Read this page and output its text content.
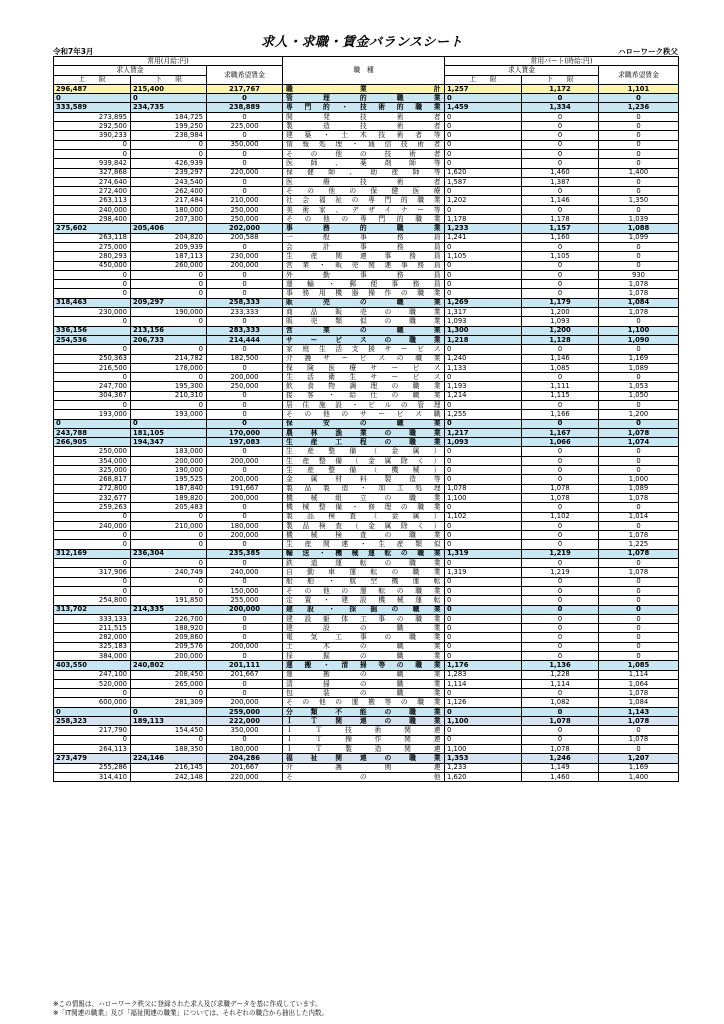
求人・求職・賃金バランスシート
令和7年3月	ハローワーク秩父
常用(月給:円)			職　種	常用パート(時給:円)		
求人賃金		求職希望賃金		求人賃金		求職希望賃金
上　　限	下　　限			上　　限	下　　限	
296,487	215,400	217,767	職業計	1,257	1,172	1,101
0	0	0	管理的職業	0	0	0
333,589	234,735	238,889	専門的・技術的職業	1,459	1,334	1,236
273,895	184,725	0	開発技術者	0	0	0
292,500	199,250	225,000	製造技術者	0	0	0
390,233	238,984	0	建築・土木技術者等	0	0	0
0	0	350,000	情報処理・通信技術者	0	0	0
0	0	0	その他の技術者	0	0	0
939,842	426,939	0	医師、薬剤師等	0	0	0
327,868	239,297	220,000	保健師、助産師等	1,620	1,460	1,400
274,640	243,540	0	医療技術者	1,587	1,387	0
272,400	262,400	0	その他の保健医療	0	0	0
263,113	217,484	210,000	社会福祉の専門的職業	1,202	1,146	1,350
240,000	180,000	250,000	美術家、デザイナー等	0	0	0
298,400	207,300	250,000	その他の専門的職業	1,178	1,178	1,039
275,602	205,406	202,000	事務的職業	1,233	1,157	1,088
263,118	204,820	200,588	一般事務員	1,241	1,160	1,099
275,000	209,939	0	会計事務員	0	0	0
280,293	187,113	230,000	生産関連事務員	1,105	1,105	0
450,000	260,000	200,000	営業・販売関連事務員	0	0	0
0	0	0	外勤事務員	0	0	930
0	0	0	運輸・郵便事務員	0	0	1,078
0	0	0	事務用機器操作の職業	0	0	1,078
318,463	209,297	258,333	販売の職業	1,269	1,179	1,084
230,000	190,000	233,333	商品販売の職業	1,317	1,200	1,078
0	0	0	販売類似の職業	1,093	1,093	0
336,156	213,156	283,333	営業の職業	1,300	1,200	1,100
254,536	206,733	214,444	サービスの職業	1,218	1,128	1,090
0	0	0	家庭生活支援サービス	0	0	0
250,363	214,782	182,500	介護サービスの職業	1,240	1,146	1,169
216,500	178,000	0	保険医療サービス	1,133	1,085	1,089
0	0	200,000	生活衛生サービス	0	0	0
247,700	195,300	250,000	飲食物調理の職業	1,193	1,111	1,053
304,367	210,310	0	接客・給仕の職業	1,214	1,115	1,050
0	0	0	居住施設・ビルの管理	0	0	0
193,000	193,000	0	その他のサービス職	1,255	1,166	1,200
0	0	0	保安の職業	0	0	0
243,788	181,105	170,000	農林漁業の職業	1,217	1,167	1,078
266,905	194,347	197,083	生産工程の職業	1,093	1,066	1,074
250,000	183,000	0	生産整備（金属）	0	0	0
354,000	200,000	200,000	生産整備（金属除く）	0	0	0
325,000	190,000	0	生産整備（機械）	0	0	0
268,817	195,525	200,000	金属材料製造等	0	0	1,000
272,800	187,840	191,667	製品製造・加工処理	1,078	1,078	1,089
232,677	189,820	200,000	機械組立の職業	1,100	1,078	1,078
259,263	205,483	0	機械整備・修理の職業	0	0	0
0	0	0	製品検査（金属）	1,102	1,102	1,014
240,000	210,000	180,000	製品検査（金属除く）	0	0	0
0	0	200,000	機械検査の職業	0	0	1,078
0	0	0	生産関連・生産類似	0	0	1,225
312,169	236,304	235,385	輸送・機械運転の職業	1,319	1,219	1,078
0	0	0	鉄道運転の職業	0	0	0
317,906	240,749	240,000	自動車運転の職業	1,319	1,219	1,078
0	0	0	船舶・航空機運転	0	0	0
0	0	150,000	その他の運転の職業	0	0	0
254,800	191,850	255,000	定置・建設機械運転	0	0	0
313,702	214,335	200,000	建設・採掘の職業	0	0	0
333,133	226,700	0	建設躯体工事の職業	0	0	0
211,515	188,920	0	建設の職業	0	0	0
282,000	209,860	0	電気工事の職業	0	0	0
325,183	209,576	200,000	土木の職業	0	0	0
384,000	200,000	0	採掘の職業	0	0	0
403,550	240,802	201,111	運搬・清掃等の職業	1,176	1,136	1,085
247,100	208,450	201,667	運搬の職業	1,283	1,228	1,114
520,000	265,000	0	清掃の職業	1,114	1,114	1,064
0	0	0	包装の職業	0	0	1,078
600,000	281,309	200,000	その他の運搬等の職業	1,126	1,082	1,084
0	0	259,000	分類不能の職業	0	0	1,143
258,323	189,113	222,000	ＩＴ関連の職業	1,100	1,078	1,078
217,790	154,450	350,000	ＩＴ技術関連	0	0	0
0	0	0	ＩＴ操作関連	0	0	1,078
264,113	188,350	180,000	ＩＴ製造関連	1,100	1,078	0
273,479	224,146	204,286	福祉関連の職業	1,353	1,246	1,207
255,286	216,145	201,667	介護関連	1,233	1,149	1,169
314,410	242,148	220,000	その他	1,620	1,460	1,400
※この情報は、ハローワーク秩父に登録された求人及び求職データを基に作成しています。
※「IT関連の職業」及び「福祉関連の職業」については、それぞれの職合から抽出した内数。
